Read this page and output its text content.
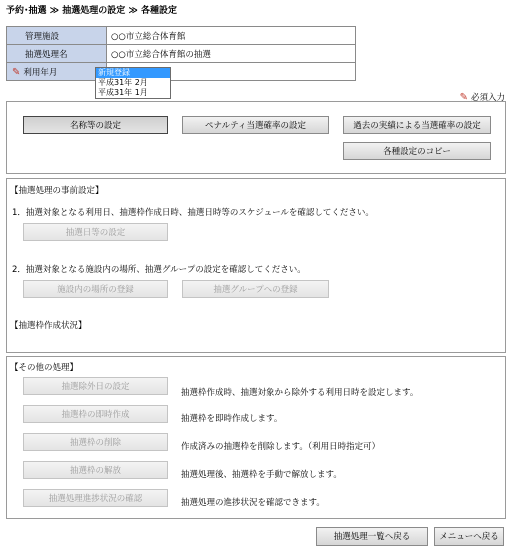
予約･抽選 ≫ 抽選処理の設定 ≫ 各種設定
管理施設	○○市立総合体育館
抽選処理名	○○市立総合体育館の抽選
✎ 利用年月		新規登録
平成31年 2月
平成31年 1月	✎ 必須入力
名称等の設定	ペナルティ当選確率の設定	過去の実績による当選確率の設定
各種設定のコピー
【抽選処理の事前設定】
1．抽選対象となる利用日、抽選枠作成日時、抽選日時等のスケジュールを確認してください。
抽選日等の設定
2．抽選対象となる施設内の場所、抽選グループの設定を確認してください。
施設内の場所の登録	抽選グループへの登録
【抽選枠作成状況】
【その他の処理】
抽選除外日の設定
抽選枠作成時、抽選対象から除外する利用日時を設定します。
抽選枠の即時作成	抽選枠を即時作成します。
抽選枠の削除	作成済みの抽選枠を削除します。（利用日時指定可）
抽選枠の解放	抽選処理後、抽選枠を手動で解放します。
抽選処理進捗状況の確認	抽選処理の進捗状況を確認できます。
抽選処理一覧へ戻る	メニューへ戻る
